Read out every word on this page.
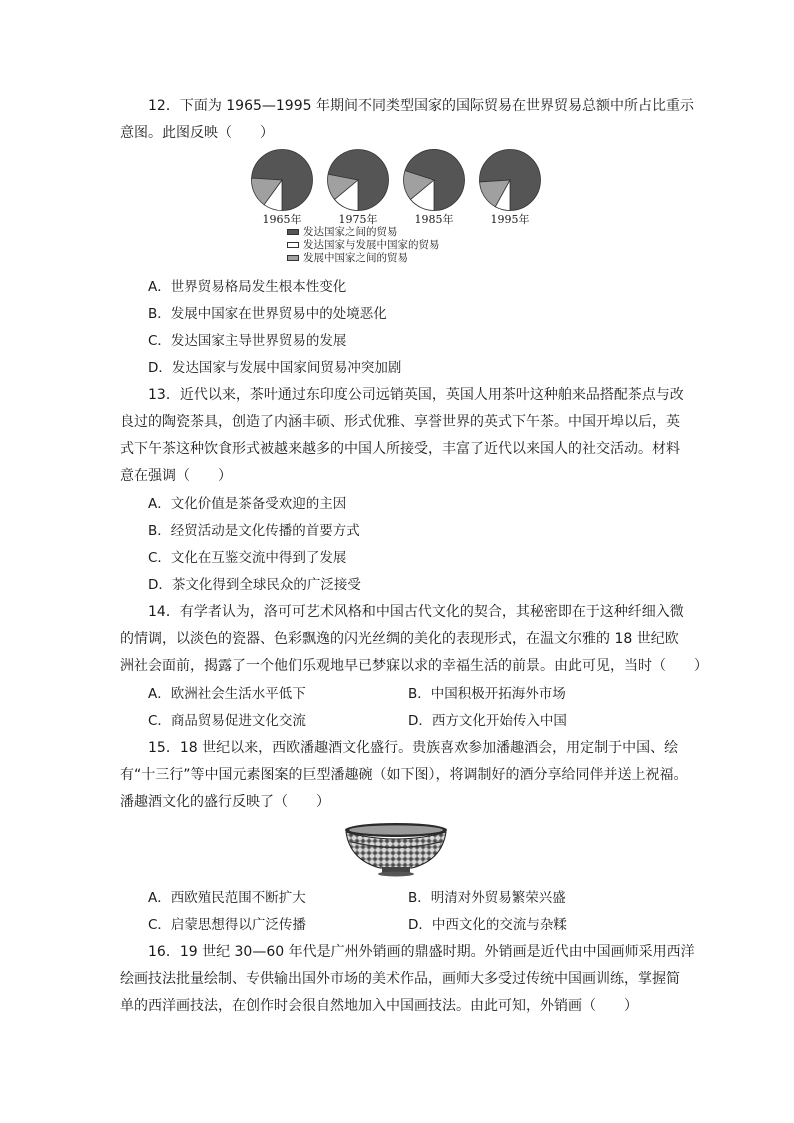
12．下面为 1965—1995 年期间不同类型国家的国际贸易在世界贸易总额中所占比重示
意图。此图反映（　　）
1965年	1975年	1985年	1995年
发达国家之间的贸易
发达国家与发展中国家的贸易
发展中国家之间的贸易
A．世界贸易格局发生根本性变化
B．发展中国家在世界贸易中的处境恶化
C．发达国家主导世界贸易的发展
D．发达国家与发展中国家间贸易冲突加剧
13．近代以来，茶叶通过东印度公司远销英国，英国人用茶叶这种舶来品搭配茶点与改
良过的陶瓷茶具，创造了内涵丰硕、形式优雅、享誉世界的英式下午茶。中国开埠以后，英
式下午茶这种饮食形式被越来越多的中国人所接受，丰富了近代以来国人的社交活动。材料
意在强调（　　）
A．文化价值是茶备受欢迎的主因
B．经贸活动是文化传播的首要方式
C．文化在互鉴交流中得到了发展
D．茶文化得到全球民众的广泛接受
14．有学者认为，洛可可艺术风格和中国古代文化的契合，其秘密即在于这种纤细入微
的情调，以淡色的瓷器、色彩飘逸的闪光丝绸的美化的表现形式，在温文尔雅的 18 世纪欧
洲社会面前，揭露了一个他们乐观地早已梦寐以求的幸福生活的前景。由此可见，当时（　　）
A．欧洲社会生活水平低下	B．中国积极开拓海外市场
C．商品贸易促进文化交流	D．西方文化开始传入中国
15．18 世纪以来，西欧潘趣酒文化盛行。贵族喜欢参加潘趣酒会，用定制于中国、绘
有“十三行”等中国元素图案的巨型潘趣碗（如下图），将调制好的酒分享给同伴并送上祝福。
潘趣酒文化的盛行反映了（　　）
A．西欧殖民范围不断扩大	B．明清对外贸易繁荣兴盛
C．启蒙思想得以广泛传播	D．中西文化的交流与杂糅
16．19 世纪 30—60 年代是广州外销画的鼎盛时期。外销画是近代由中国画师采用西洋
绘画技法批量绘制、专供输出国外市场的美术作品，画师大多受过传统中国画训练，掌握简
单的西洋画技法，在创作时会很自然地加入中国画技法。由此可知，外销画（　　）
